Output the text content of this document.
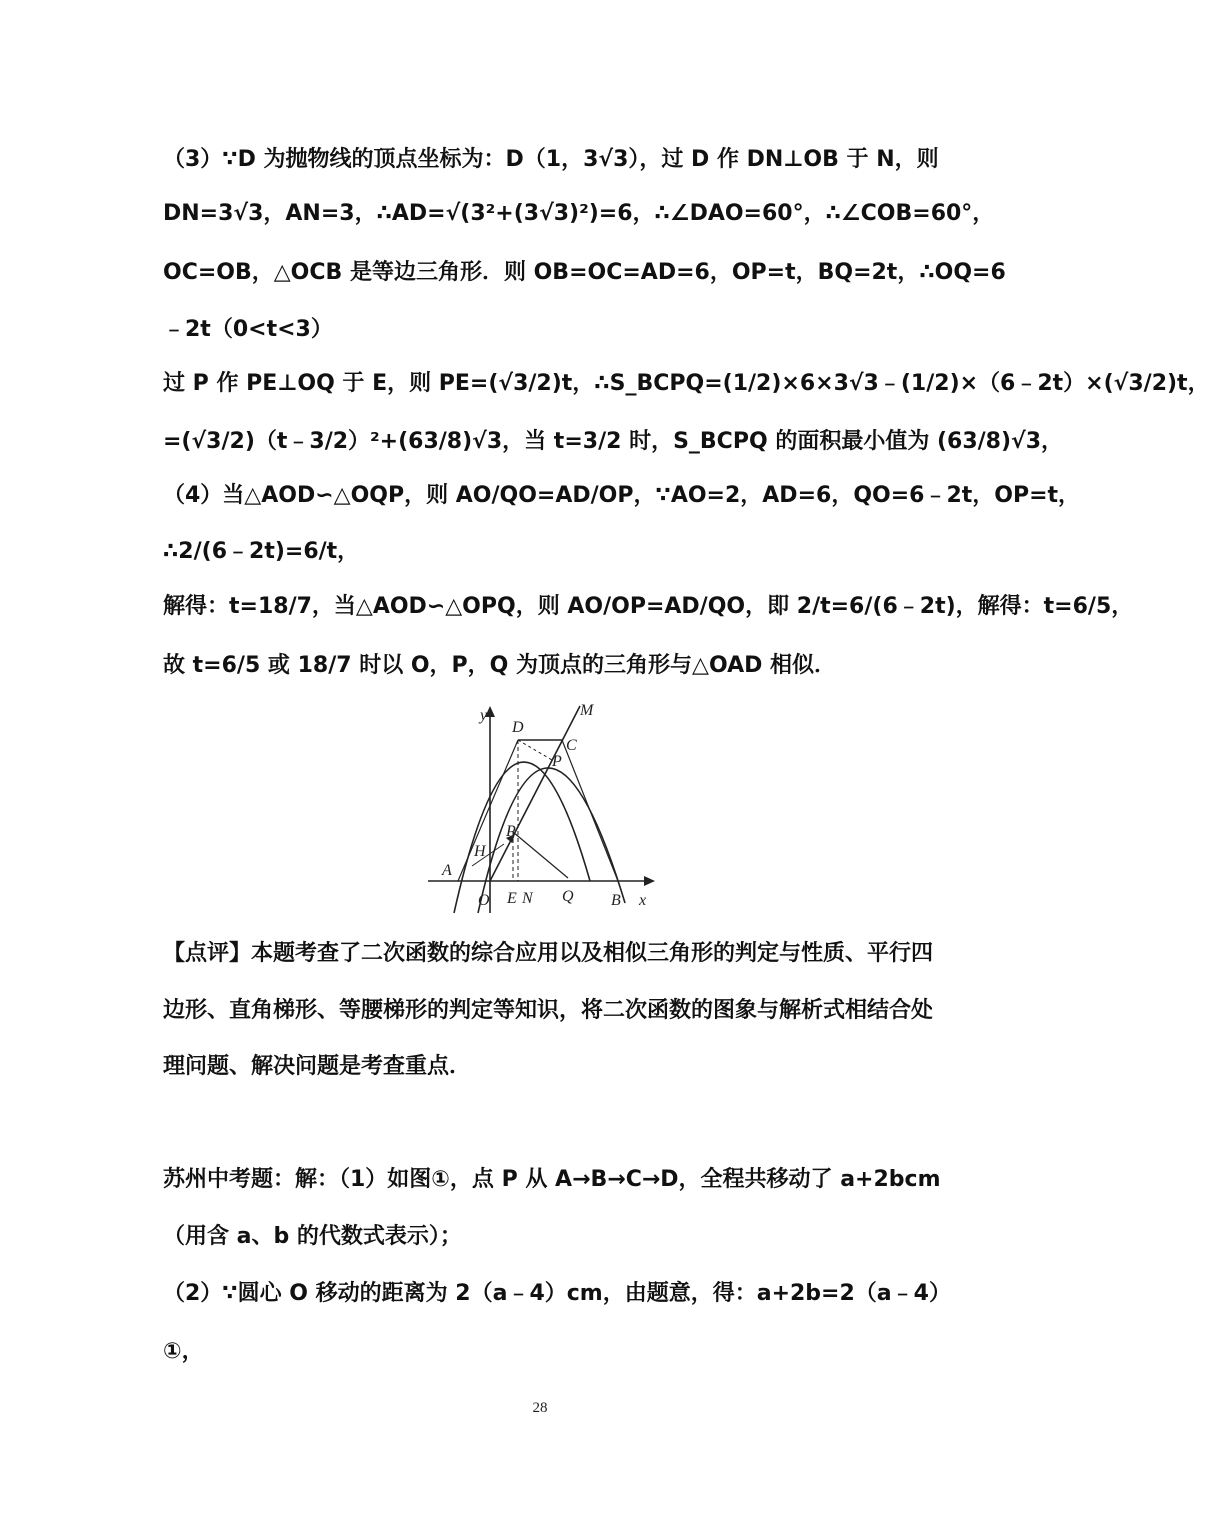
（3）∵D 为抛物线的顶点坐标为：D（1，3√3），过 D 作 DN⊥OB 于 N，则
DN=3√3，AN=3，∴AD=√(3²+(3√3)²)=6，∴∠DAO=60°，∴∠COB=60°，
OC=OB，△OCB 是等边三角形．则 OB=OC=AD=6，OP=t，BQ=2t，∴OQ=6
﹣2t（0<t<3）
过 P 作 PE⊥OQ 于 E，则 PE=(√3/2)t，∴S_BCPQ=(1/2)×6×3√3﹣(1/2)×（6﹣2t）×(√3/2)t，
=(√3/2)（t﹣3/2）²+(63/8)√3，当 t=3/2 时，S_BCPQ 的面积最小值为 (63/8)√3，
（4）当△AOD∽△OQP，则 AO/QO=AD/OP，∵AO=2，AD=6，QO=6﹣2t，OP=t，
∴2/(6﹣2t)=6/t，
解得：t=18/7，当△AOD∽△OPQ，则 AO/OP=AD/QO，即 2/t=6/(6﹣2t)，解得：t=6/5，
故 t=6/5 或 18/7 时以 O，P，Q 为顶点的三角形与△OAD 相似．
y
x
D
M
C
P
P
H
A
O E N Q B
【点评】本题考查了二次函数的综合应用以及相似三角形的判定与性质、平行四
边形、直角梯形、等腰梯形的判定等知识，将二次函数的图象与解析式相结合处
理问题、解决问题是考查重点．
苏州中考题：解：（1）如图①，点 P 从 A→B→C→D，全程共移动了 a+2bcm
（用含 a、b 的代数式表示）；
（2）∵圆心 O 移动的距离为 2（a﹣4）cm，由题意，得：a+2b=2（a﹣4）
①，
28
